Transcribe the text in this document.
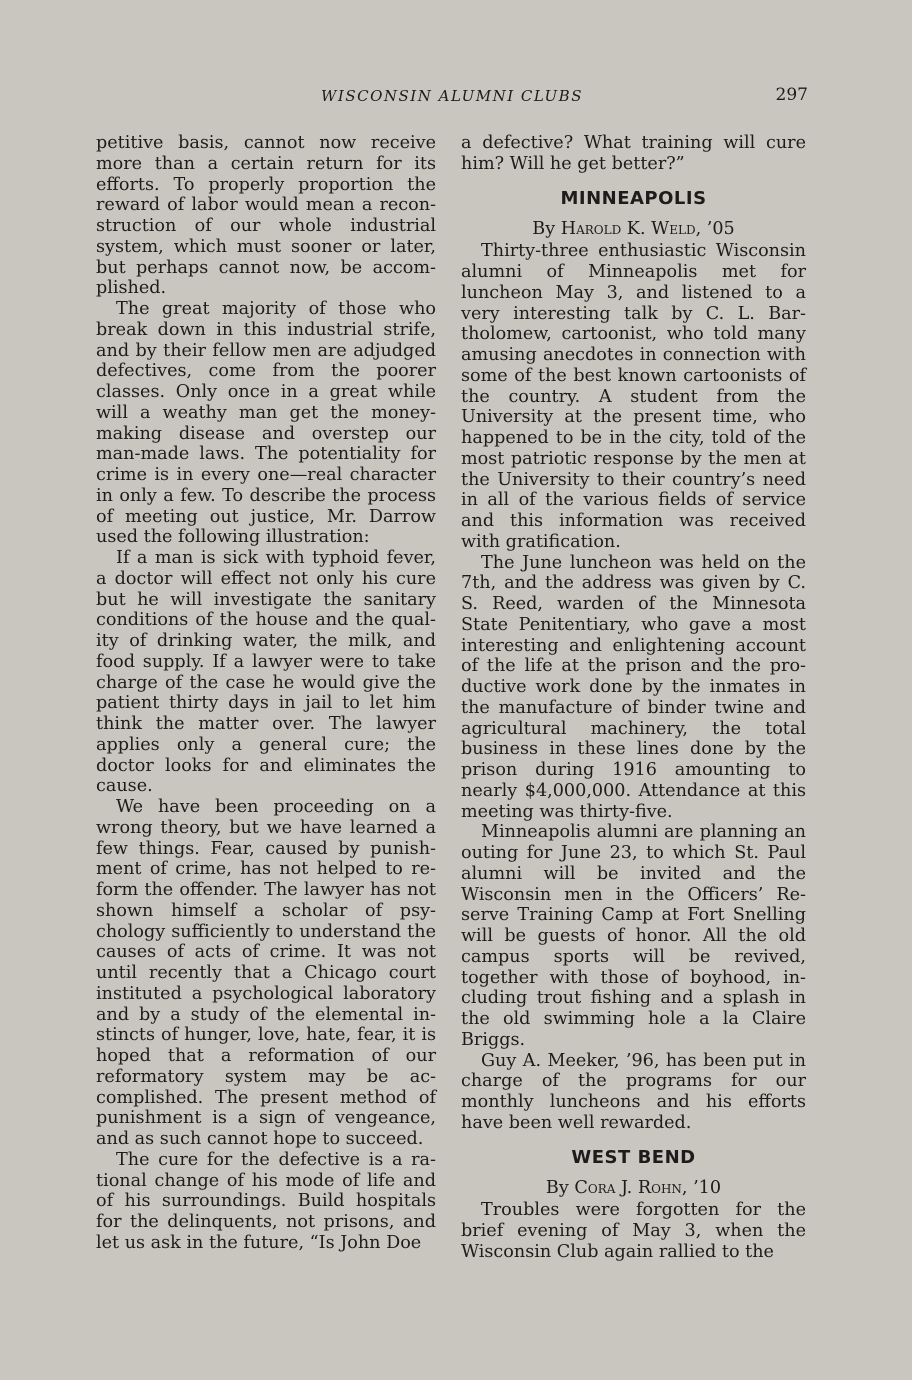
WISCONSIN ALUMNI CLUBS	297

petitive basis, cannot now receive more than a certain return for its efforts. To properly proportion the reward of labor would mean a reconstruction of our whole industrial system, which must sooner or later, but perhaps cannot now, be accomplished.

The great majority of those who break down in this industrial strife, and by their fellow men are adjudged defectives, come from the poorer classes. Only once in a great while will a weathy man get the money-making disease and overstep our man-made laws. The potentiality for crime is in every one—real character in only a few. To describe the process of meeting out justice, Mr. Darrow used the following illustration:

If a man is sick with typhoid fever, a doctor will effect not only his cure but he will investigate the sanitary conditions of the house and the quality of drinking water, the milk, and food supply. If a lawyer were to take charge of the case he would give the patient thirty days in jail to let him think the matter over. The lawyer applies only a general cure; the doctor looks for and eliminates the cause.

We have been proceeding on a wrong theory, but we have learned a few things. Fear, caused by punishment of crime, has not helped to reform the offender. The lawyer has not shown himself a scholar of psychology sufficiently to understand the causes of acts of crime. It was not until recently that a Chicago court instituted a psychological laboratory and by a study of the elemental instincts of hunger, love, hate, fear, it is hoped that a reformation of our reformatory system may be accomplished. The present method of punishment is a sign of vengeance, and as such cannot hope to succeed.

The cure for the defective is a rational change of his mode of life and of his surroundings. Build hospitals for the delinquents, not prisons, and let us ask in the future, “Is John Doe

a defective? What training will cure him? Will he get better?”

MINNEAPOLIS
By Harold K. Weld, ’05

Thirty-three enthusiastic Wisconsin alumni of Minneapolis met for luncheon May 3, and listened to a very interesting talk by C. L. Bartholomew, cartoonist, who told many amusing anecdotes in connection with some of the best known cartoonists of the country. A student from the University at the present time, who happened to be in the city, told of the most patriotic response by the men at the University to their country’s need in all of the various fields of service and this information was received with gratification.

The June luncheon was held on the 7th, and the address was given by C. S. Reed, warden of the Minnesota State Penitentiary, who gave a most interesting and enlightening account of the life at the prison and the productive work done by the inmates in the manufacture of binder twine and agricultural machinery, the total business in these lines done by the prison during 1916 amounting to nearly $4,000,000. Attendance at this meeting was thirty-five.

Minneapolis alumni are planning an outing for June 23, to which St. Paul alumni will be invited and the Wisconsin men in the Officers’ Reserve Training Camp at Fort Snelling will be guests of honor. All the old campus sports will be revived, together with those of boyhood, including trout fishing and a splash in the old swimming hole a la Claire Briggs.

Guy A. Meeker, ’96, has been put in charge of the programs for our monthly luncheons and his efforts have been well rewarded.

WEST BEND
By Cora J. Rohn, ’10

Troubles were forgotten for the brief evening of May 3, when the Wisconsin Club again rallied to the
